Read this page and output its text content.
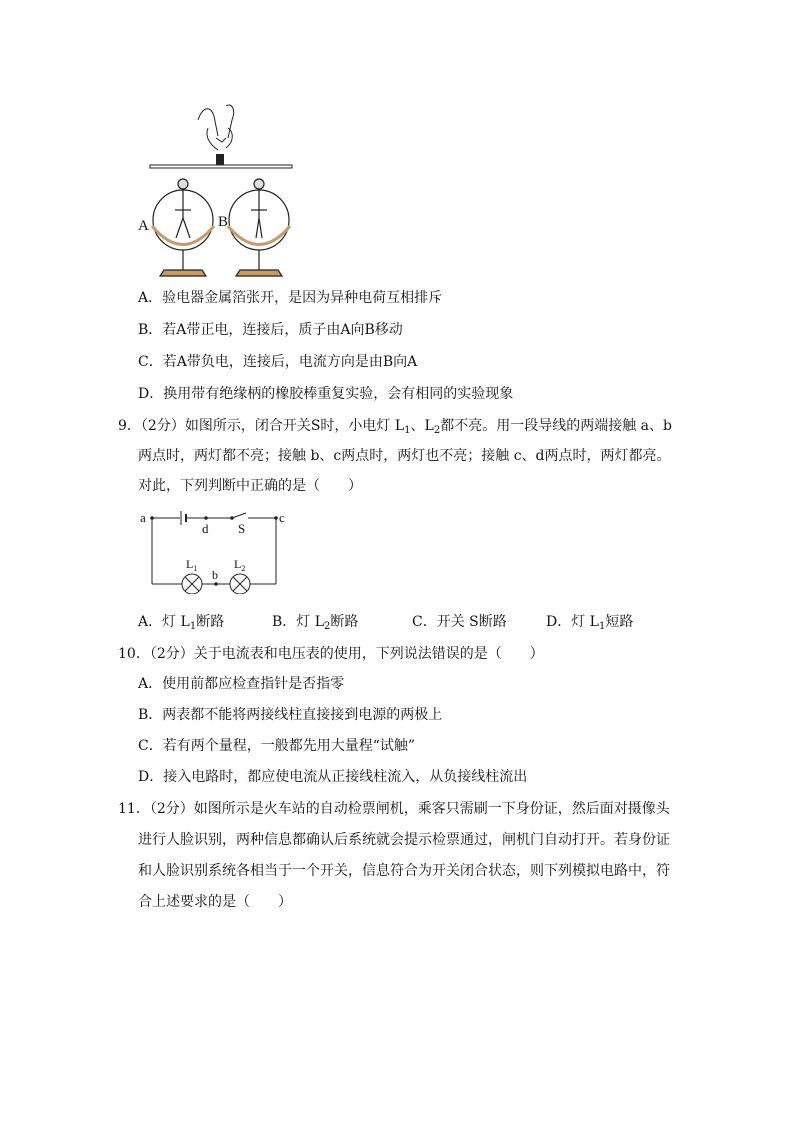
A	B
A．验电器金属箔张开，是因为异种电荷互相排斥
B．若A带正电，连接后，质子由A向B移动
C．若A带负电，连接后，电流方向是由B向A
D．换用带有绝缘柄的橡胶棒重复实验，会有相同的实验现象
9．（2分）如图所示，闭合开关S时，小电灯 $L_1$、$L_2$都不亮。用一段导线的两端接触 a、b
两点时，两灯都不亮；接触 b、c两点时，两灯也不亮；接触 c、d两点时，两灯都亮。
对此，下列判断中正确的是（　　）
a
d S
c
b
$L_1$	$L_2$
A．灯 $L_1$断路	B．灯 $L_2$断路	C．开关 S断路	D．灯 $L_1$短路
10．（2分）关于电流表和电压表的使用，下列说法错误的是（　　）
A．使用前都应检查指针是否指零
B．两表都不能将两接线柱直接接到电源的两极上
C．若有两个量程，一般都先用大量程“试触”
D．接入电路时，都应使电流从正接线柱流入，从负接线柱流出
11．（2分）如图所示是火车站的自动检票闸机，乘客只需刷一下身份证，然后面对摄像头
进行人脸识别，两种信息都确认后系统就会提示检票通过，闸机门自动打开。若身份证
和人脸识别系统各相当于一个开关，信息符合为开关闭合状态，则下列模拟电路中，符
合上述要求的是（　　）
